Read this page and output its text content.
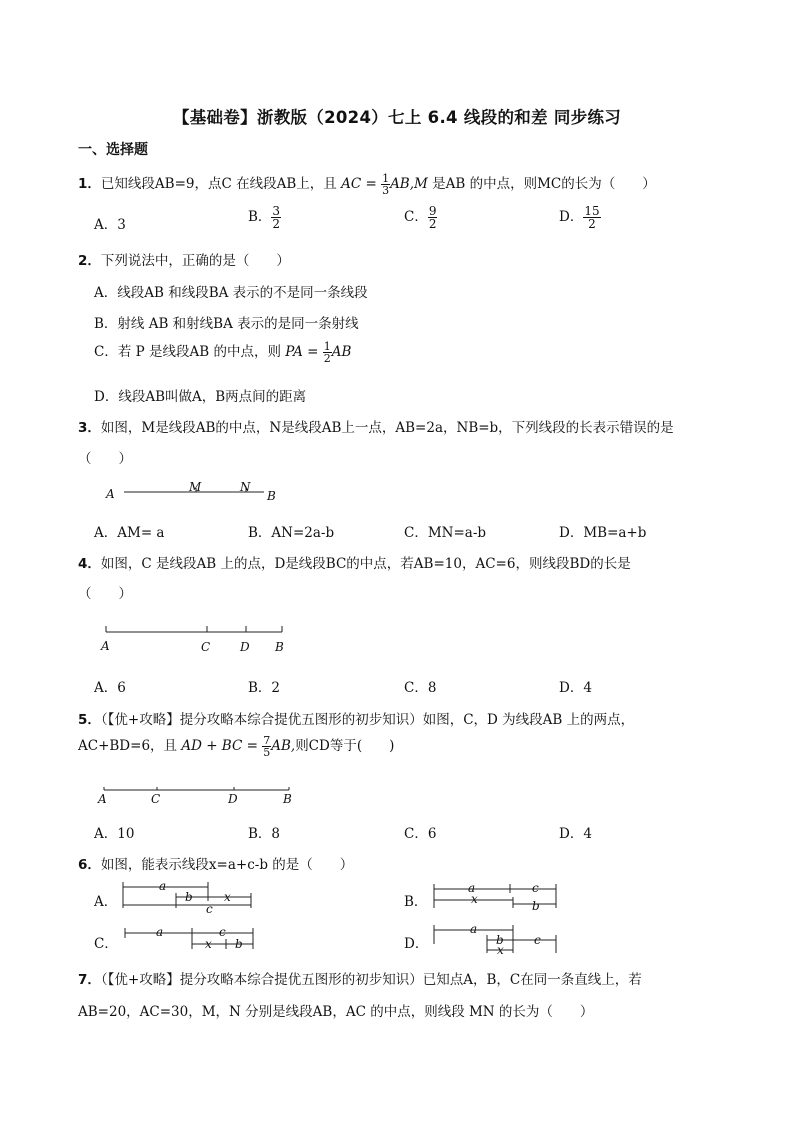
【基础卷】浙教版（2024）七上 6.4 线段的和差 同步练习
一、选择题
1．已知线段AB=9，点C 在线段AB上，且 AC = $\frac{1}{3} AB,M$ 是AB 的中点，则MC的长为（　　）
A．3	B． $\frac{3}{2}$	C． $\frac{9}{2}$	D． $\frac{15}{2}$
2．下列说法中，正确的是（　　）
A．线段AB 和线段BA 表示的不是同一条线段
B．射线 AB 和射线BA 表示的是同一条射线
C．若 P 是线段AB 的中点，则 PA = $\frac{1}{2}$ AB
D．线段AB叫做A，B两点间的距离
3．如图，M是线段AB的中点，N是线段AB上一点，AB=2a，NB=b，下列线段的长表示错误的是
（　　）
A	M	N
B
A．AM= a	B．AN=2a-b	C．MN=a-b	D．MB=a+b
4．如图，C 是线段AB 上的点，D是线段BC的中点，若AB=10，AC=6，则线段BD的长是
（　　）
A	C D B
A．6	B．2	C．8	D．4
5．（【优+攻略】提分攻略本综合提优五图形的初步知识）如图，C，D 为线段AB 上的两点，
AC+BD=6，且 AD + BC = $\frac{7}{5}$ AB,则CD等于(　　)
A	C	D	B
A．10	B．8	C．6	D．4
6．如图，能表示线段x=a+c-b 的是（　　）
A．
a
b	x
c	B．
a	c
x	b
C．
a	c
x b	D．
a
b	c
x
7．（【优+攻略】提分攻略本综合提优五图形的初步知识）已知点A，B，C在同一条直线上，若
AB=20，AC=30，M，N 分别是线段AB，AC 的中点，则线段 MN 的长为（　　）
